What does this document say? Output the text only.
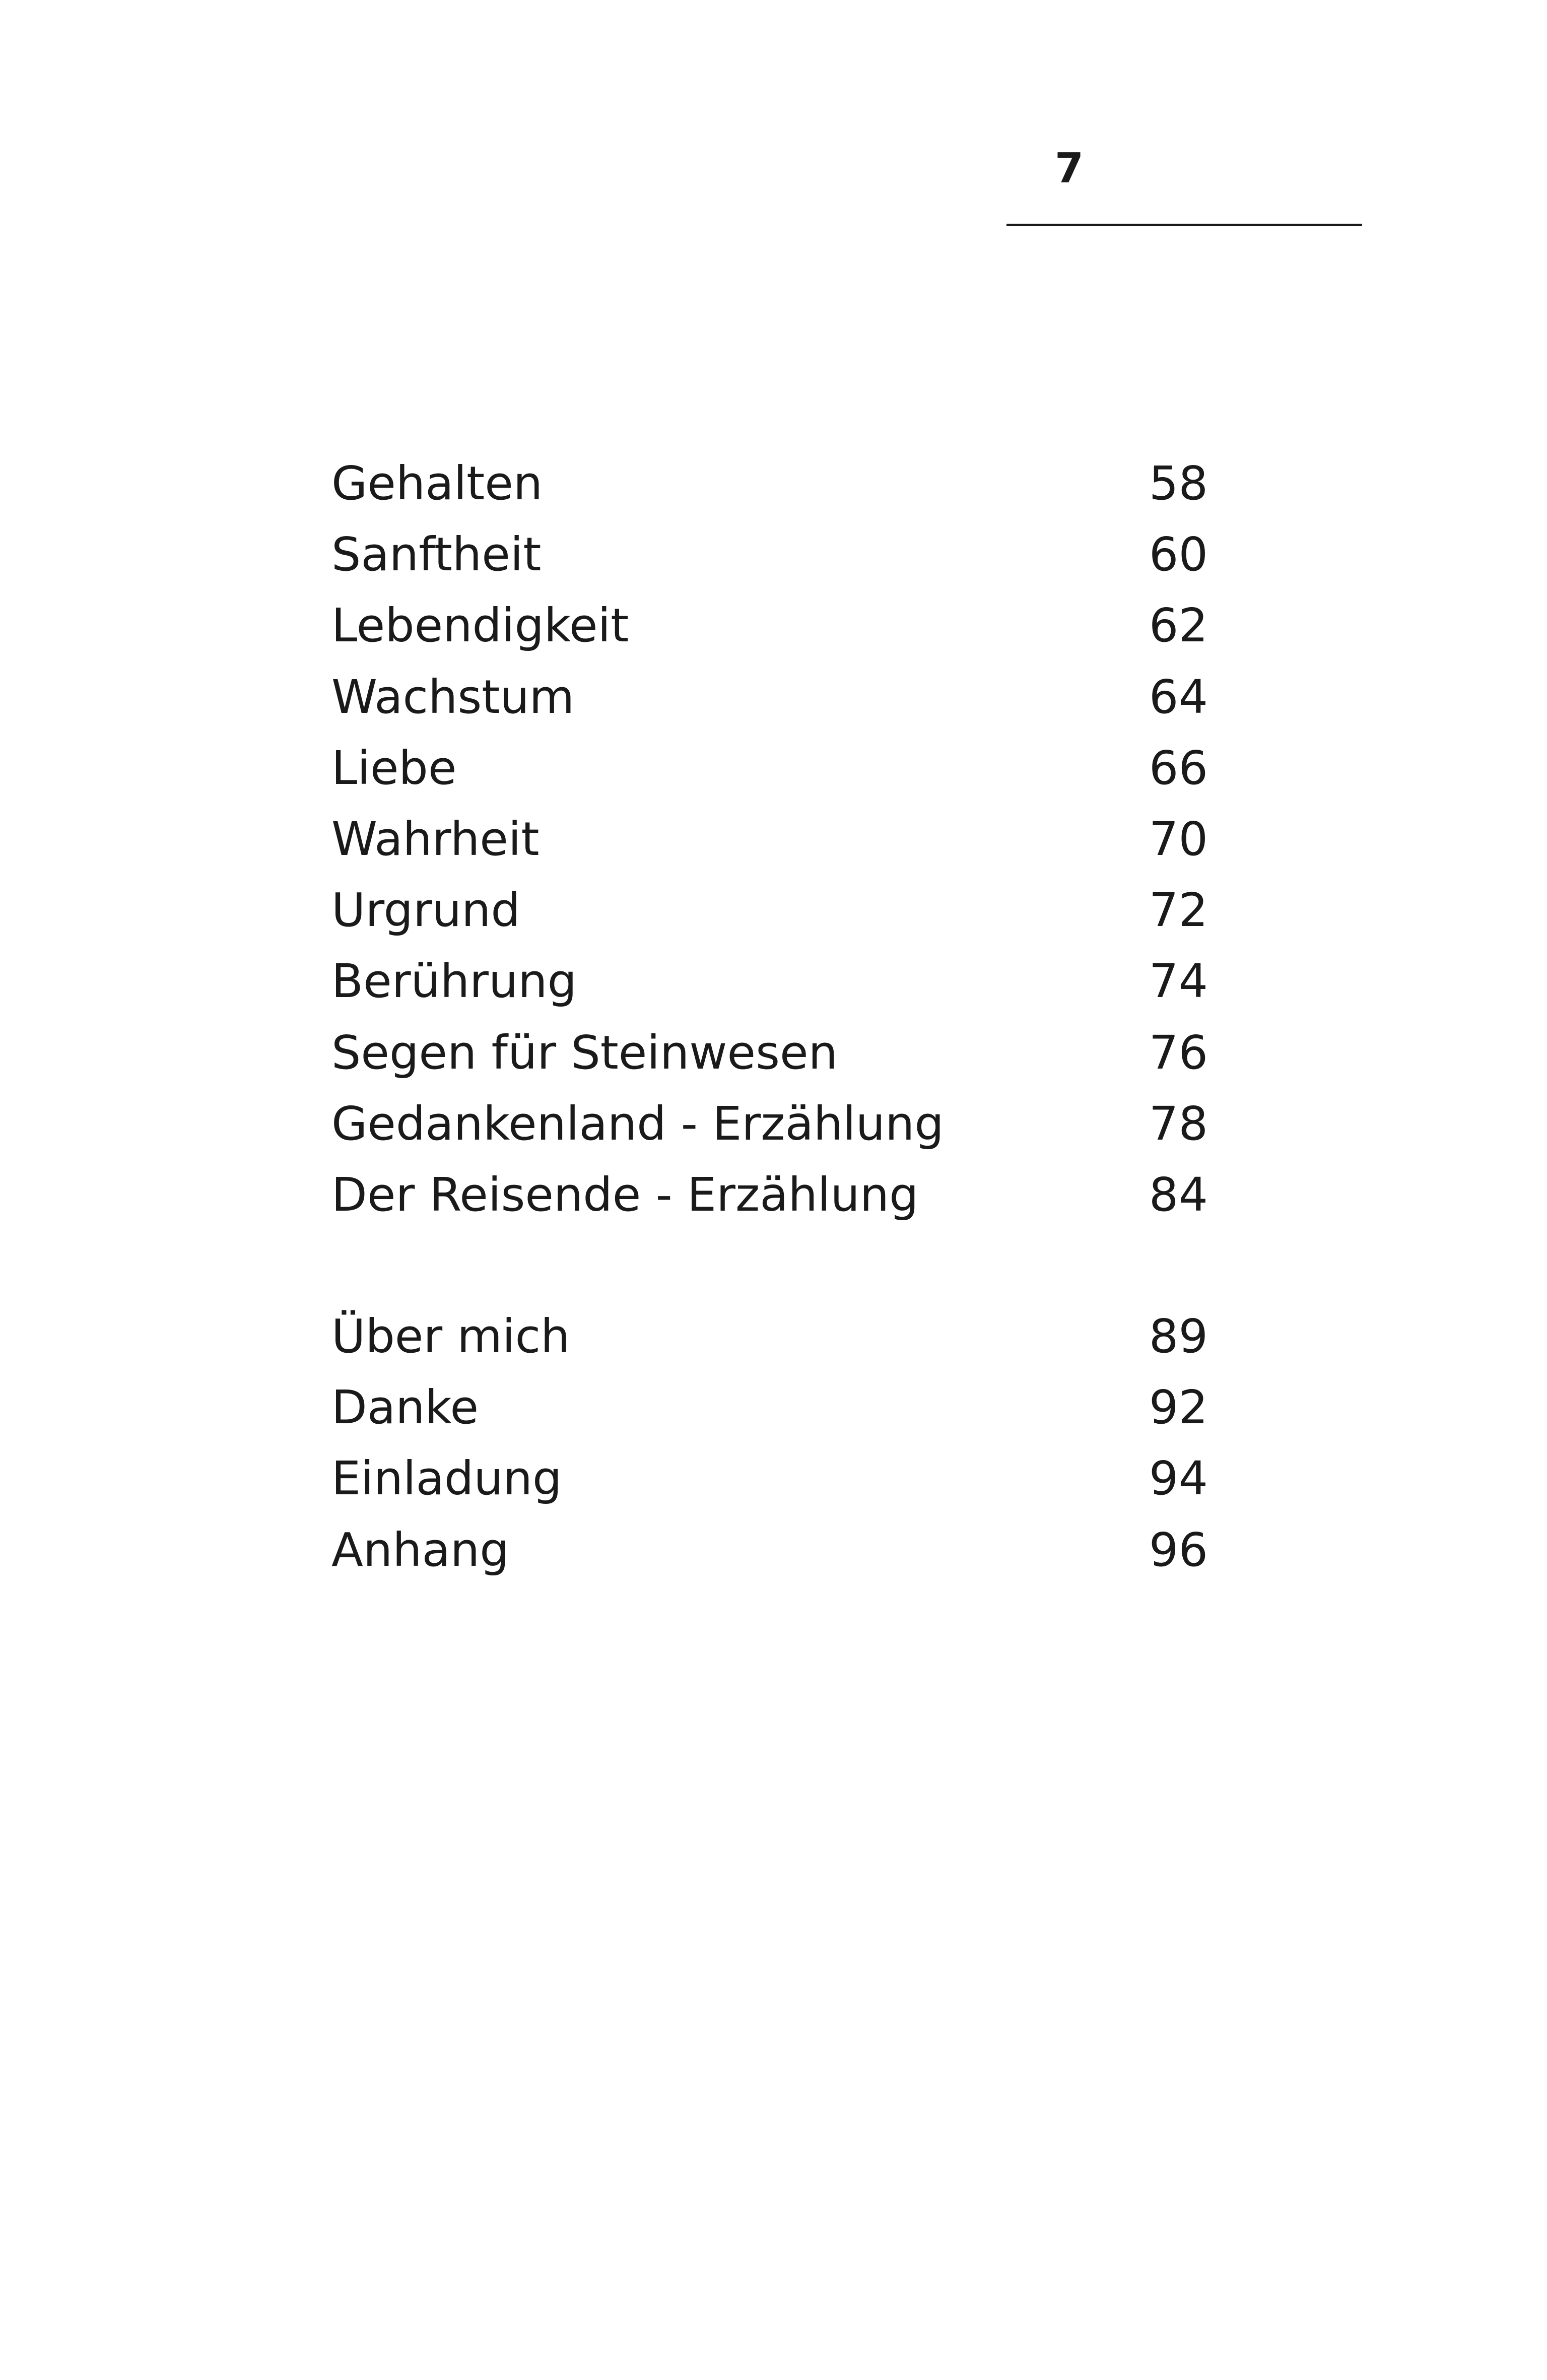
7
Gehalten	58
Sanftheit	60
Lebendigkeit	62
Wachstum	64
Liebe	66
Wahrheit	70
Urgrund	72
Berührung	74
Segen für Steinwesen	76
Gedankenland - Erzählung	78
Der Reisende - Erzählung	84
Über mich	89
Danke	92
Einladung	94
Anhang	96
